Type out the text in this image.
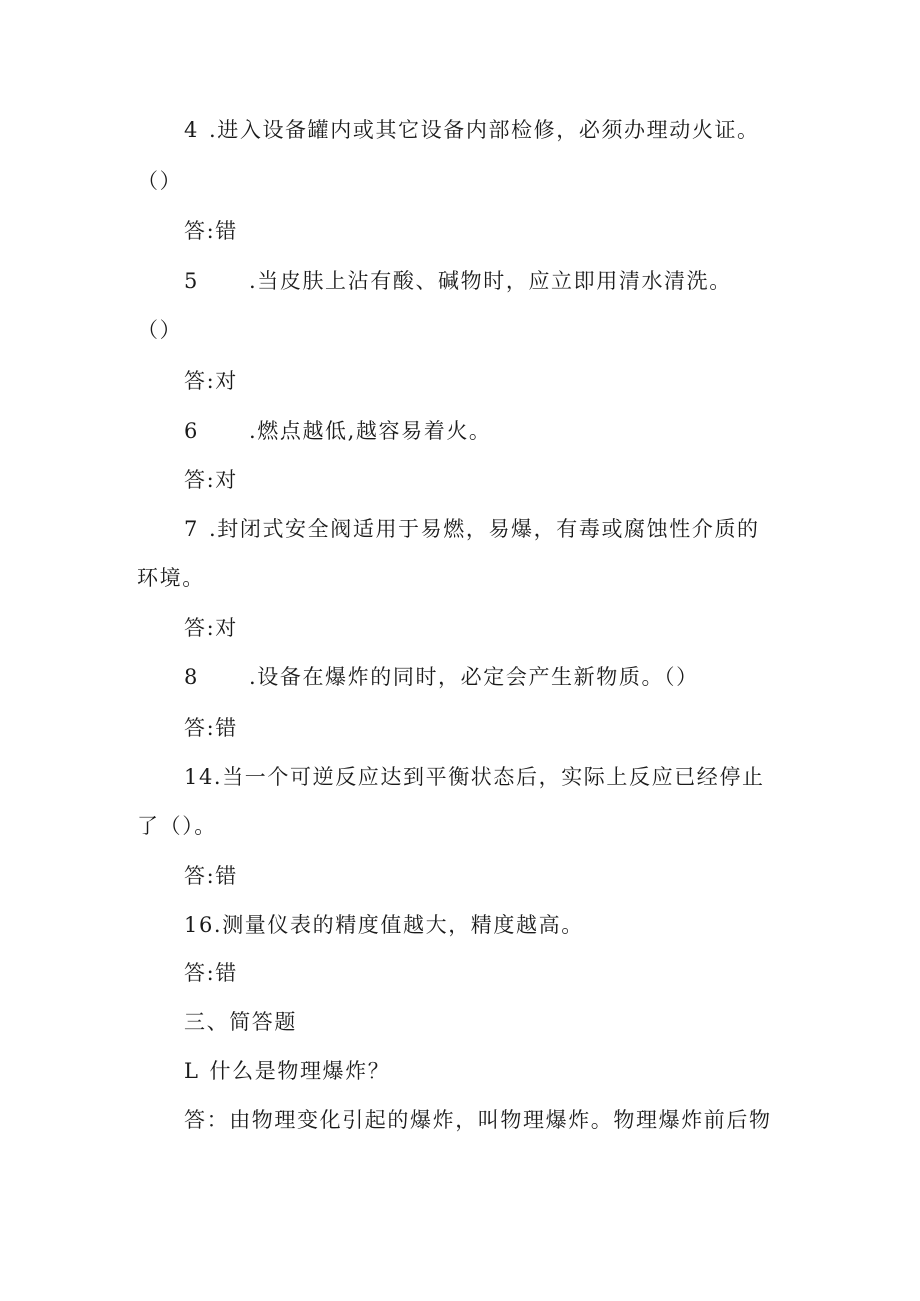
4 .进入设备罐内或其它设备内部检修，必须办理动火证。
（）
答:错
5 .当皮肤上沾有酸、碱物时，应立即用清水清洗。
（）
答:对
6 .燃点越低,越容易着火。
答:对
7 .封闭式安全阀适用于易燃，易爆，有毒或腐蚀性介质的
环境。
答:对
8 .设备在爆炸的同时，必定会产生新物质。（）
答:错
14.当一个可逆反应达到平衡状态后，实际上反应已经停止
了（）。
答:错
16.测量仪表的精度值越大，精度越高。
答:错
三、简答题
L 什么是物理爆炸？
答：由物理变化引起的爆炸，叫物理爆炸。物理爆炸前后物
